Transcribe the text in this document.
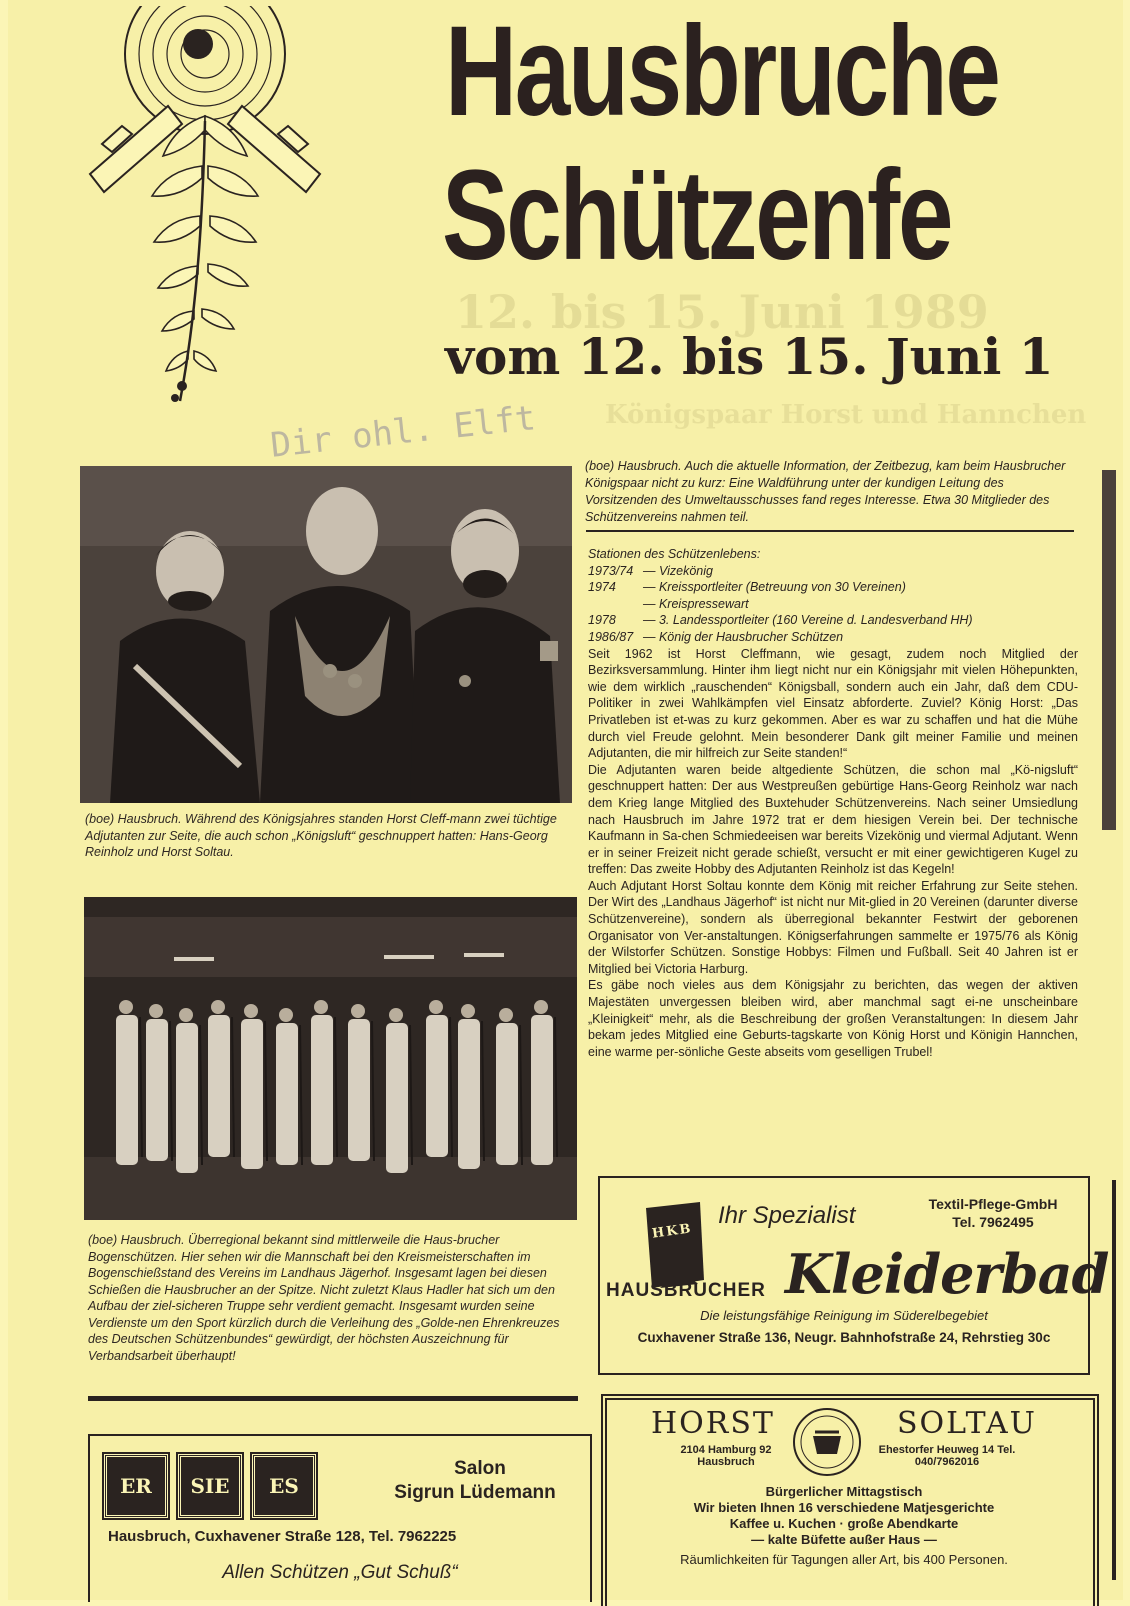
Hausbruche
Schützenfe
12. bis 15. Juni 1989
vom 12. bis 15. Juni 1
Königspaar Horst und Hannchen
Dir ohl. Elft
(boe) Hausbruch. Während des Königsjahres standen Horst Cleff-mann zwei tüchtige Adjutanten zur Seite, die auch schon „Königsluft“ geschnuppert hatten: Hans-Georg Reinholz und Horst Soltau.
(boe) Hausbruch. Überregional bekannt sind mittlerweile die Haus-brucher Bogenschützen. Hier sehen wir die Mannschaft bei den Kreismeisterschaften im Bogenschießstand des Vereins im Landhaus Jägerhof. Insgesamt lagen bei diesen Schießen die Hausbrucher an der Spitze. Nicht zuletzt Klaus Hadler hat sich um den Aufbau der ziel-sicheren Truppe sehr verdient gemacht. Insgesamt wurden seine Verdienste um den Sport kürzlich durch die Verleihung des „Golde-nen Ehrenkreuzes des Deutschen Schützenbundes“ gewürdigt, der höchsten Auszeichnung für Verbandsarbeit überhaupt!
(boe) Hausbruch. Auch die aktuelle Information, der Zeitbezug, kam beim Hausbrucher Königspaar nicht zu kurz: Eine Waldführung unter der kundigen Leitung des Vorsitzenden des Umweltausschusses fand reges Interesse. Etwa 30 Mitglieder des Schützenvereins nahmen teil.
Stationen des Schützenlebens:
1973/74 — Vizekönig
1974	— Kreissportleiter (Betreuung von 30 Vereinen)
— Kreispressewart
1978	— 3. Landessportleiter (160 Vereine d. Landesverband HH)
1986/87 — König der Hausbrucher Schützen

Seit 1962 ist Horst Cleffmann, wie gesagt, zudem noch Mitglied der Bezirksversammlung. Hinter ihm liegt nicht nur ein Königsjahr mit vielen Höhepunkten, wie dem wirklich „rauschenden“ Königsball, sondern auch ein Jahr, daß dem CDU-Politiker in zwei Wahlkämpfen viel Einsatz abforderte. Zuviel? König Horst: „Das Privatleben ist et-was zu kurz gekommen. Aber es war zu schaffen und hat die Mühe durch viel Freude gelohnt. Mein besonderer Dank gilt meiner Familie und meinen Adjutanten, die mir hilfreich zur Seite standen!“

Die Adjutanten waren beide altgediente Schützen, die schon mal „Kö-nigsluft“ geschnuppert hatten: Der aus Westpreußen gebürtige Hans-Georg Reinholz war nach dem Krieg lange Mitglied des Buxtehuder Schützenvereins. Nach seiner Umsiedlung nach Hausbruch im Jahre 1972 trat er dem hiesigen Verein bei. Der technische Kaufmann in Sa-chen Schmiedeeisen war bereits Vizekönig und viermal Adjutant. Wenn er in seiner Freizeit nicht gerade schießt, versucht er mit einer gewichtigeren Kugel zu treffen: Das zweite Hobby des Adjutanten Reinholz ist das Kegeln!

Auch Adjutant Horst Soltau konnte dem König mit reicher Erfahrung zur Seite stehen. Der Wirt des „Landhaus Jägerhof“ ist nicht nur Mit-glied in 20 Vereinen (darunter diverse Schützenvereine), sondern als überregional bekannter Festwirt der geborenen Organisator von Ver-anstaltungen. Königserfahrungen sammelte er 1975/76 als König der Wilstorfer Schützen. Sonstige Hobbys: Filmen und Fußball. Seit 40 Jahren ist er Mitglied bei Victoria Harburg.

Es gäbe noch vieles aus dem Königsjahr zu berichten, das wegen der aktiven Majestäten unvergessen bleiben wird, aber manchmal sagt ei-ne unscheinbare „Kleinigkeit“ mehr, als die Beschreibung der großen Veranstaltungen: In diesem Jahr bekam jedes Mitglied eine Geburts-tagskarte von König Horst und Königin Hannchen, eine warme per-sönliche Geste abseits vom geselligen Trubel!

HKB
Ihr Spezialist	Textil-Pflege-GmbH
Tel. 7962495
HAUSBRUCHER Kleiderbad
Die leistungsfähige Reinigung im Süderelbegebiet
Cuxhavener Straße 136, Neugr. Bahnhofstraße 24, Rehrstieg 30c
HORST	SOLTAU
2104 Hamburg 92 Hausbruch
Ehestorfer Heuweg 14 Tel. 040/7962016
Bürgerlicher Mittagstisch
Wir bieten Ihnen 16 verschiedene Matjesgerichte
Kaffee u. Kuchen · große Abendkarte
— kalte Büfette außer Haus —
Räumlichkeiten für Tagungen aller Art, bis 400 Personen.
ER	SIE	ES
Salon
Sigrun Lüdemann
Hausbruch, Cuxhavener Straße 128, Tel. 7962225
Allen Schützen „Gut Schuß“
